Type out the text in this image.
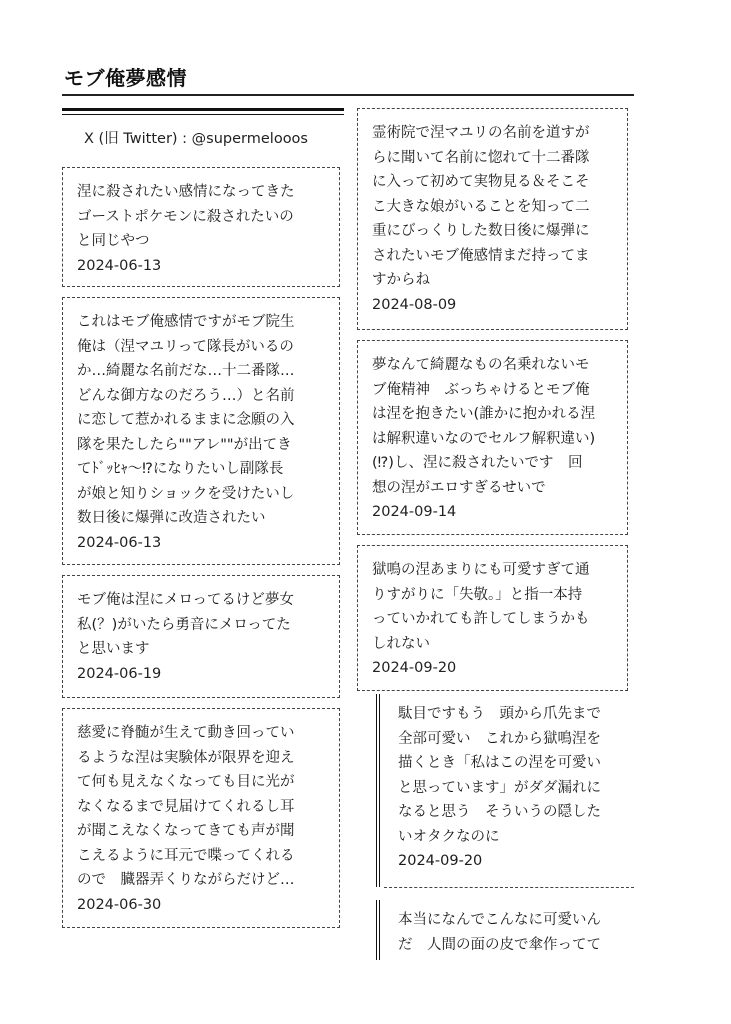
モブ俺夢感情
X (旧 Twitter) : @supermelooos
涅に殺されたい感情になってきた
ゴーストポケモンに殺されたいの
と同じやつ
2024-06-13
これはモブ俺感情ですがモブ院生
俺は（涅マユリって隊長がいるの
か…綺麗な名前だな…十二番隊…
どんな御方なのだろう…）と名前
に恋して惹かれるままに念願の入
隊を果たしたら""アレ""が出てき
てﾄﾞｯﾋｬ〜⁉になりたいし副隊長
が娘と知りショックを受けたいし
数日後に爆弾に改造されたい
2024-06-13
モブ俺は涅にメロってるけど夢女
私(？)がいたら勇音にメロってた
と思います
2024-06-19
慈愛に脊髄が生えて動き回ってい
るような涅は実験体が限界を迎え
て何も見えなくなっても目に光が
なくなるまで見届けてくれるし耳
が聞こえなくなってきても声が聞
こえるように耳元で喋ってくれる
ので　臓器弄くりながらだけど…
2024-06-30
霊術院で涅マユリの名前を道すが
らに聞いて名前に惚れて十二番隊
に入って初めて実物見る＆そこそ
こ大きな娘がいることを知って二
重にびっくりした数日後に爆弾に
されたいモブ俺感情まだ持ってま
すからね
2024-08-09
夢なんて綺麗なもの名乗れないモ
ブ俺精神　ぶっちゃけるとモブ俺
は涅を抱きたい(誰かに抱かれる涅
は解釈違いなのでセルフ解釈違い)
(⁉)し、涅に殺されたいです　回
想の涅がエロすぎるせいで
2024-09-14
獄鳴の涅あまりにも可愛すぎて通
りすがりに「失敬。」と指一本持
っていかれても許してしまうかも
しれない
2024-09-20
駄目ですもう　頭から爪先まで
全部可愛い　これから獄鳴涅を
描くとき「私はこの涅を可愛い
と思っています」がダダ漏れに
なると思う　そういうの隠した
いオタクなのに
2024-09-20
本当になんでこんなに可愛いん
だ　人間の面の皮で傘作ってて
